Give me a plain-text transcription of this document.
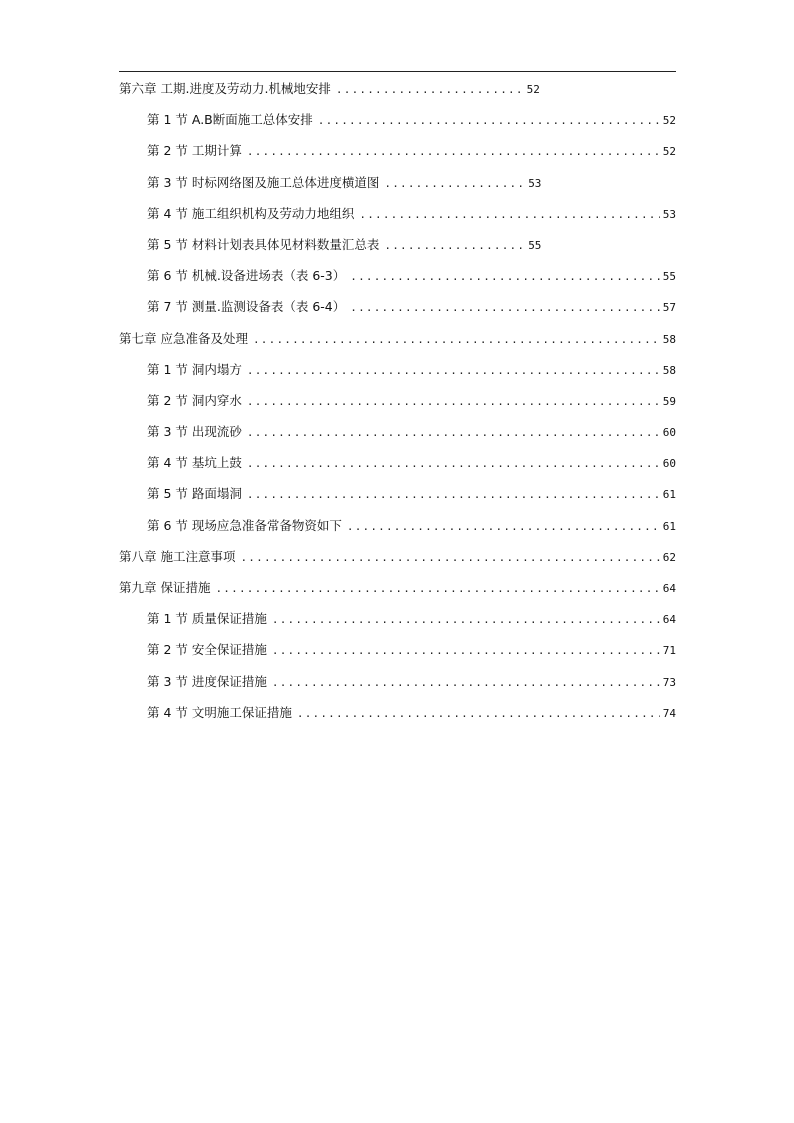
第六章 工期.进度及劳动力.机械地安排 ........................ 52
第 1 节 A.B断面施工总体安排 .....	52
第 2 节 工期计算 .....	52
第 3 节 时标网络图及施工总体进度横道图 .................. 53
第 4 节 施工组织机构及劳动力地组织 .....	53
第 5 节 材料计划表具体见材料数量汇总表 .................. 55
第 6 节 机械.设备进场表（表 6-3） .....	55
第 7 节 测量.监测设备表（表 6-4） .....	57
第七章 应急准备及处理 .....	58
第 1 节 洞内塌方 .....	58
第 2 节 洞内穿水 .....	59
第 3 节 出现流砂 .....	60
第 4 节 基坑上鼓 .....	60
第 5 节 路面塌洞 .....	61
第 6 节 现场应急准备常备物资如下 .....	61
第八章 施工注意事项 .....	62
第九章 保证措施 .....	64
第 1 节 质量保证措施 .....	64
第 2 节 安全保证措施 .....	71
第 3 节 进度保证措施 .....	73
第 4 节 文明施工保证措施 .....	74
